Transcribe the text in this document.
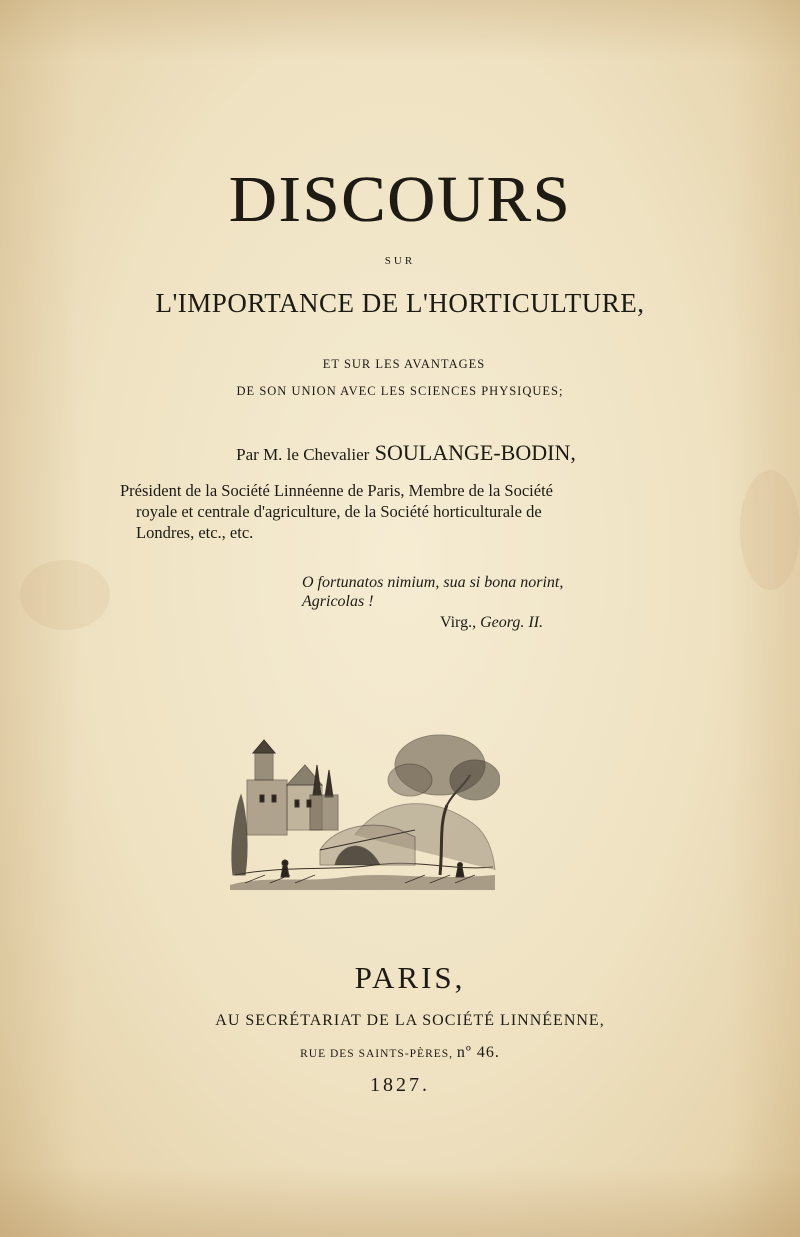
DISCOURS
SUR
L'IMPORTANCE DE L'HORTICULTURE,
ET SUR LES AVANTAGES
DE SON UNION AVEC LES SCIENCES PHYSIQUES;
Par M. le Chevalier SOULANGE-BODIN,
Président de la Société Linnéenne de Paris, Membre de la Société
royale et centrale d'agriculture, de la Société horticulturale de
Londres, etc., etc.
O fortunatos nimium, sua si bona norint,
Agricolas !
Virg., Georg. II.
PARIS,
AU SECRÉTARIAT DE LA SOCIÉTÉ LINNÉENNE,
RUE DES SAINTS-PÈRES, nº 46.
1827.
